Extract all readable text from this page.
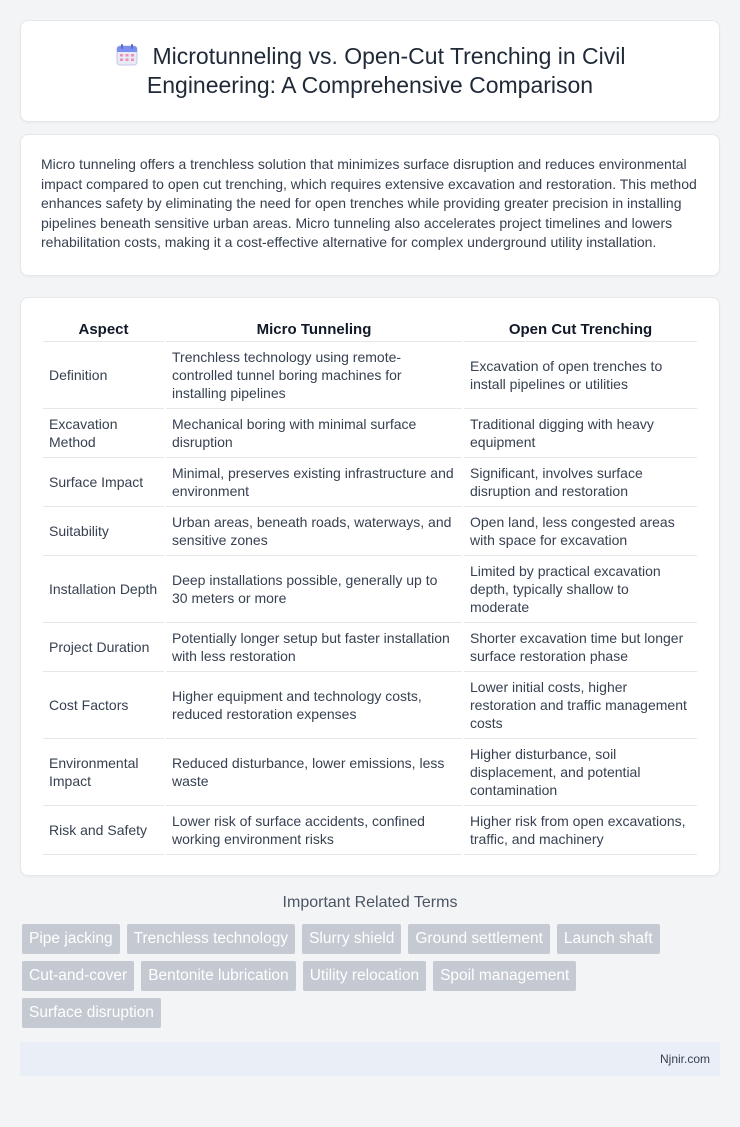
Microtunneling vs. Open-Cut Trenching in Civil Engineering: A Comprehensive Comparison

Micro tunneling offers a trenchless solution that minimizes surface disruption and reduces environmental impact compared to open cut trenching, which requires extensive excavation and restoration. This method enhances safety by eliminating the need for open trenches while providing greater precision in installing pipelines beneath sensitive urban areas. Micro tunneling also accelerates project timelines and lowers rehabilitation costs, making it a cost-effective alternative for complex underground utility installation.

Aspect	Micro Tunneling	Open Cut Trenching
Definition	Trenchless technology using remote-controlled tunnel boring machines for installing pipelines	Excavation of open trenches to install pipelines or utilities
Excavation Method	Mechanical boring with minimal surface disruption	Traditional digging with heavy equipment
Surface Impact	Minimal, preserves existing infrastructure and environment	Significant, involves surface disruption and restoration
Suitability	Urban areas, beneath roads, waterways, and sensitive zones	Open land, less congested areas with space for excavation
Installation Depth	Deep installations possible, generally up to 30 meters or more	Limited by practical excavation depth, typically shallow to moderate
Project Duration	Potentially longer setup but faster installation with less restoration	Shorter excavation time but longer surface restoration phase
Cost Factors	Higher equipment and technology costs, reduced restoration expenses	Lower initial costs, higher restoration and traffic management costs
Environmental Impact	Reduced disturbance, lower emissions, less waste	Higher disturbance, soil displacement, and potential contamination
Risk and Safety	Lower risk of surface accidents, confined working environment risks	Higher risk from open excavations, traffic, and machinery
Important Related Terms
Pipe jacking	Trenchless technology	Slurry shield	Ground settlement	Launch shaft
Cut-and-cover	Bentonite lubrication	Utility relocation	Spoil management
Surface disruption
Njnir.com
